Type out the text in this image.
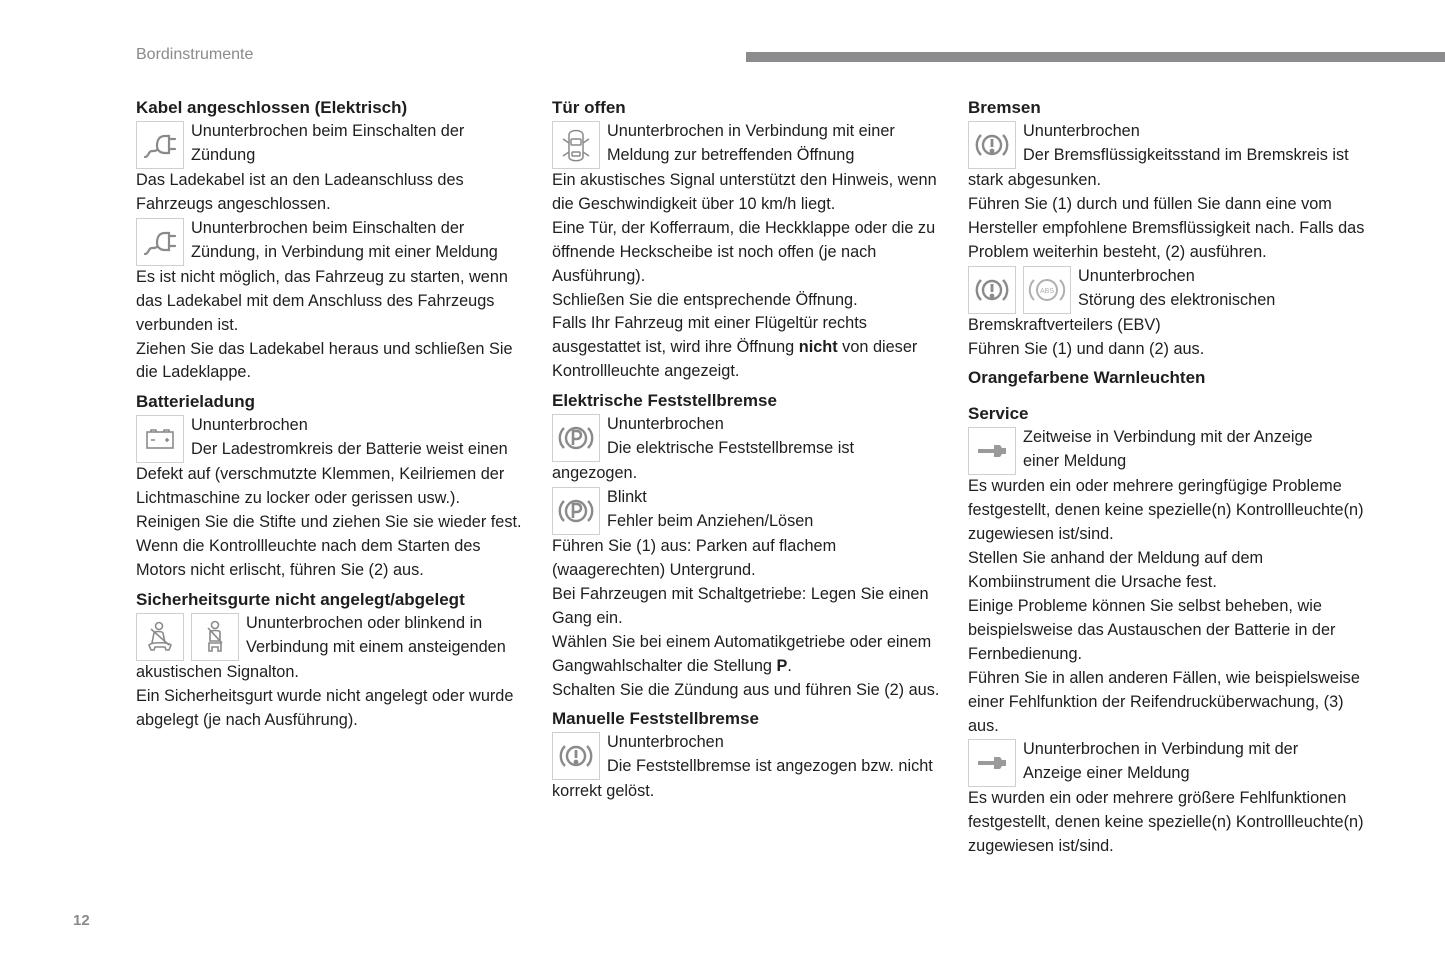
Bordinstrumente
Kabel angeschlossen (Elektrisch)
Ununterbrochen beim Einschalten der
Zündung
Das Ladekabel ist an den Ladeanschluss des Fahrzeugs angeschlossen.
Ununterbrochen beim Einschalten der
Zündung, in Verbindung mit einer Meldung
Es ist nicht möglich, das Fahrzeug zu starten, wenn das Ladekabel mit dem Anschluss des Fahrzeugs verbunden ist.
Ziehen Sie das Ladekabel heraus und schließen Sie die Ladeklappe.
Batterieladung
Ununterbrochen
Der Ladestromkreis der Batterie weist einen
Defekt auf (verschmutzte Klemmen, Keilriemen der Lichtmaschine zu locker oder gerissen usw.).
Reinigen Sie die Stifte und ziehen Sie sie wieder fest. Wenn die Kontrollleuchte nach dem Starten des Motors nicht erlischt, führen Sie (2) aus.
Sicherheitsgurte nicht angelegt/abgelegt
Ununterbrochen oder blinkend in
Verbindung mit einem ansteigenden
akustischen Signalton.
Ein Sicherheitsgurt wurde nicht angelegt oder wurde abgelegt (je nach Ausführung).
Tür offen
Ununterbrochen in Verbindung mit einer
Meldung zur betreffenden Öffnung
Ein akustisches Signal unterstützt den Hinweis, wenn die Geschwindigkeit über 10 km/h liegt.
Eine Tür, der Kofferraum, die Heckklappe oder die zu öffnende Heckscheibe ist noch offen (je nach Ausführung).
Schließen Sie die entsprechende Öffnung.
Falls Ihr Fahrzeug mit einer Flügeltür rechts ausgestattet ist, wird ihre Öffnung nicht von dieser Kontrollleuchte angezeigt.
Elektrische Feststellbremse
Ununterbrochen
Die elektrische Feststellbremse ist
angezogen.
Blinkt
Fehler beim Anziehen/Lösen
Führen Sie (1) aus: Parken auf flachem (waagerechten) Untergrund.
Bei Fahrzeugen mit Schaltgetriebe: Legen Sie einen Gang ein.
Wählen Sie bei einem Automatikgetriebe oder einem Gangwahlschalter die Stellung P.
Schalten Sie die Zündung aus und führen Sie (2) aus.
Manuelle Feststellbremse
Ununterbrochen
Die Feststellbremse ist angezogen bzw. nicht
korrekt gelöst.
Bremsen
Ununterbrochen
Der Bremsflüssigkeitsstand im Bremskreis ist
stark abgesunken.
Führen Sie (1) durch und füllen Sie dann eine vom Hersteller empfohlene Bremsflüssigkeit nach. Falls das Problem weiterhin besteht, (2) ausführen.
ABS
Ununterbrochen
Störung des elektronischen
Bremskraftverteilers (EBV)
Führen Sie (1) und dann (2) aus.
Orangefarbene Warnleuchten
Service
Zeitweise in Verbindung mit der Anzeige
einer Meldung
Es wurden ein oder mehrere geringfügige Probleme festgestellt, denen keine spezielle(n) Kontrollleuchte(n) zugewiesen ist/sind.
Stellen Sie anhand der Meldung auf dem Kombiinstrument die Ursache fest.
Einige Probleme können Sie selbst beheben, wie beispielsweise das Austauschen der Batterie in der Fernbedienung.
Führen Sie in allen anderen Fällen, wie beispielsweise einer Fehlfunktion der Reifendrucküberwachung, (3) aus.
Ununterbrochen in Verbindung mit der
Anzeige einer Meldung
Es wurden ein oder mehrere größere Fehlfunktionen festgestellt, denen keine spezielle(n) Kontrollleuchte(n) zugewiesen ist/sind.
12
